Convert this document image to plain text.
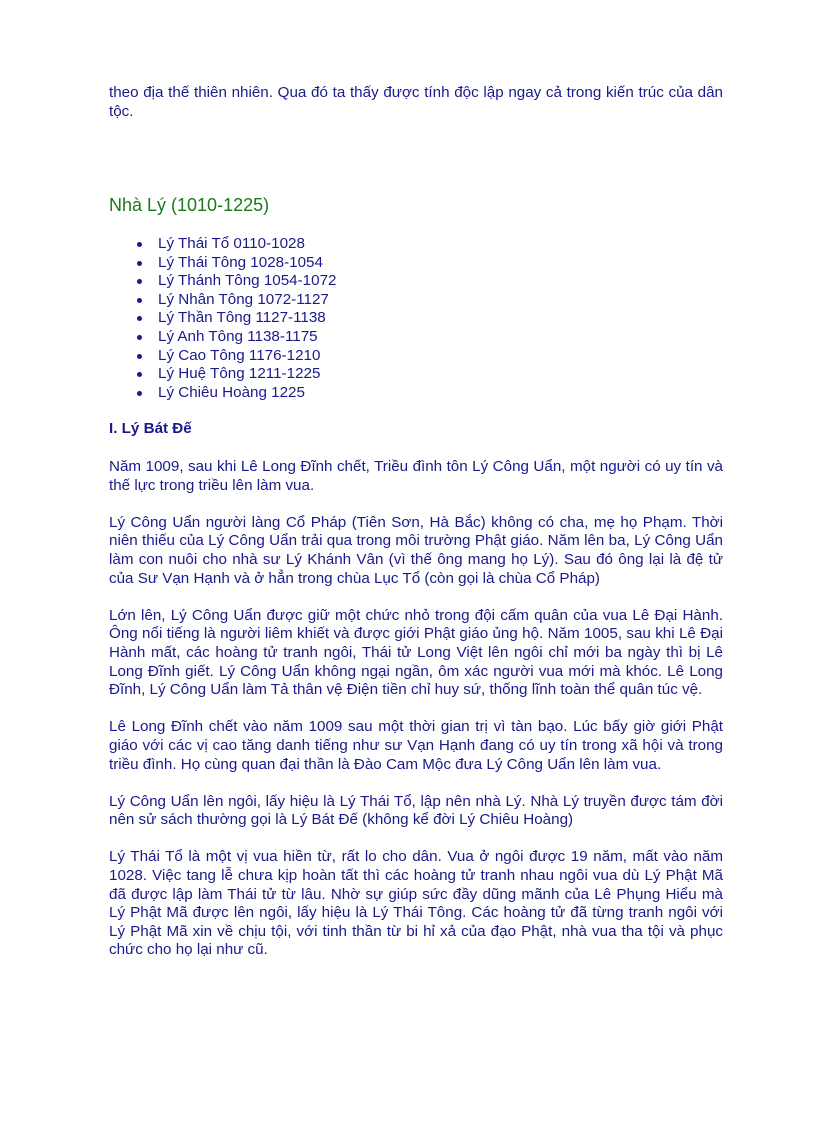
theo địa thế thiên nhiên. Qua đó ta thấy được tính độc lập ngay cả trong kiến trúc của dân tộc.

'
Nhà Lý (1010-1225)
Lý Thái Tổ 0110-1028
Lý Thái Tông 1028-1054
Lý Thánh Tông 1054-1072
Lý Nhân Tông 1072-1127
Lý Thần Tông 1127-1138
Lý Anh Tông 1138-1175
Lý Cao Tông 1176-1210
Lý Huệ Tông 1211-1225
Lý Chiêu Hoàng 1225
I. Lý Bát Đế

Năm 1009, sau khi Lê Long Đĩnh chết, Triều đình tôn Lý Công Uẩn, một người có uy tín và thế lực trong triều lên làm vua.

Lý Công Uẩn người làng Cổ Pháp (Tiên Sơn, Hà Bắc) không có cha, mẹ họ Phạm. Thời niên thiếu của Lý Công Uẩn trải qua trong môi trường Phật giáo. Năm lên ba, Lý Công Uẩn làm con nuôi cho nhà sư Lý Khánh Vân (vì thế ông mang họ Lý). Sau đó ông lại là đệ tử của Sư Vạn Hạnh và ở hẳn trong chùa Lục Tổ (còn gọi là chùa Cổ Pháp)

Lớn lên, Lý Công Uẩn được giữ một chức nhỏ trong đội cấm quân của vua Lê Đại Hành. Ông nổi tiếng là người liêm khiết và được giới Phật giáo ủng hộ. Năm 1005, sau khi Lê Đại Hành mất, các hoàng tử tranh ngôi, Thái tử Long Việt lên ngôi chỉ mới ba ngày thì bị Lê Long Đĩnh giết. Lý Công Uẩn không ngại ngần, ôm xác người vua mới mà khóc. Lê Long Đĩnh, Lý Công Uẩn làm Tả thân vệ Điện tiền chỉ huy sứ, thống lĩnh toàn thể quân túc vệ.

Lê Long Đĩnh chết vào năm 1009 sau một thời gian trị vì tàn bạo. Lúc bấy giờ giới Phật giáo với các vị cao tăng danh tiếng như sư Vạn Hạnh đang có uy tín trong xã hội và trong triều đình. Họ cùng quan đại thần là Đào Cam Mộc đưa Lý Công Uẩn lên làm vua.

Lý Công Uẩn lên ngôi, lấy hiệu là Lý Thái Tổ, lập nên nhà Lý. Nhà Lý truyền được tám đời nên sử sách thường gọi là Lý Bát Đế (không kể đời Lý Chiêu Hoàng)

Lý Thái Tổ là một vị vua hiền từ, rất lo cho dân. Vua ở ngôi được 19 năm, mất vào năm 1028. Việc tang lễ chưa kịp hoàn tất thì các hoàng tử tranh nhau ngôi vua dù Lý Phật Mã đã được lập làm Thái tử từ lâu. Nhờ sự giúp sức đầy dũng mãnh của Lê Phụng Hiểu mà Lý Phật Mã được lên ngôi, lấy hiệu là Lý Thái Tông. Các hoàng tử đã từng tranh ngôi với Lý Phật Mã xin về chịu tội, với tinh thần từ bi hỉ xả của đạo Phật, nhà vua tha tội và phục chức cho họ lại như cũ.
